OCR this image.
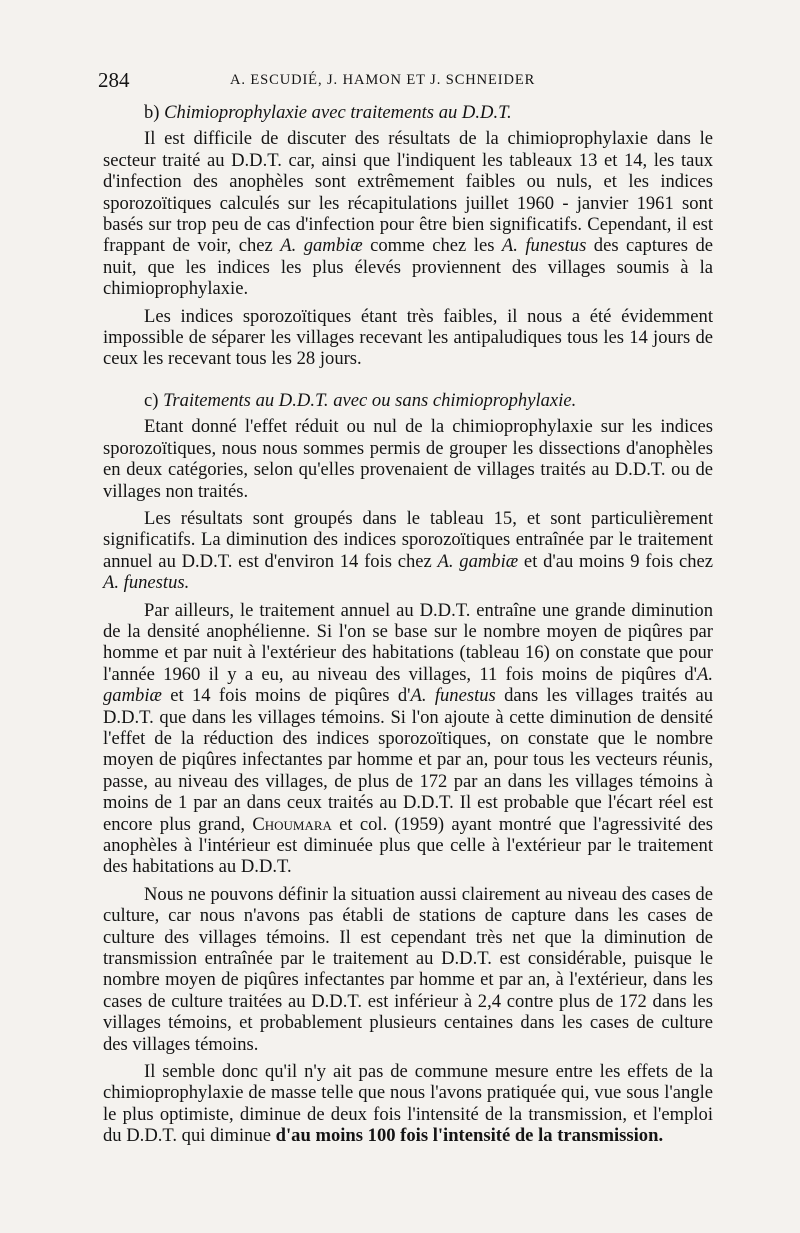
284	A. ESCUDIÉ, J. HAMON ET J. SCHNEIDER
b) Chimioprophylaxie avec traitements au D.D.T.

Il est difficile de discuter des résultats de la chimioprophylaxie dans le secteur traité au D.D.T. car, ainsi que l'indiquent les tableaux 13 et 14, les taux d'infection des anophèles sont extrêmement faibles ou nuls, et les indices sporozoïtiques calculés sur les récapitulations juillet 1960 - janvier 1961 sont basés sur trop peu de cas d'infection pour être bien significatifs. Cependant, il est frappant de voir, chez A. gambiæ comme chez les A. funestus des captures de nuit, que les indices les plus élevés proviennent des villages soumis à la chimioprophylaxie.

Les indices sporozoïtiques étant très faibles, il nous a été évidemment impossible de séparer les villages recevant les antipaludiques tous les 14 jours de ceux les recevant tous les 28 jours.

c) Traitements au D.D.T. avec ou sans chimioprophylaxie.

Etant donné l'effet réduit ou nul de la chimioprophylaxie sur les indices sporozoïtiques, nous nous sommes permis de grouper les dissections d'anophèles en deux catégories, selon qu'elles provenaient de villages traités au D.D.T. ou de villages non traités.

Les résultats sont groupés dans le tableau 15, et sont particulièrement significatifs. La diminution des indices sporozoïtiques entraînée par le traitement annuel au D.D.T. est d'environ 14 fois chez A. gambiæ et d'au moins 9 fois chez A. funestus.

Par ailleurs, le traitement annuel au D.D.T. entraîne une grande diminution de la densité anophélienne. Si l'on se base sur le nombre moyen de piqûres par homme et par nuit à l'extérieur des habitations (tableau 16) on constate que pour l'année 1960 il y a eu, au niveau des villages, 11 fois moins de piqûres d'A. gambiæ et 14 fois moins de piqûres d'A. funestus dans les villages traités au D.D.T. que dans les villages témoins. Si l'on ajoute à cette diminution de densité l'effet de la réduction des indices sporozoïtiques, on constate que le nombre moyen de piqûres infectantes par homme et par an, pour tous les vecteurs réunis, passe, au niveau des villages, de plus de 172 par an dans les villages témoins à moins de 1 par an dans ceux traités au D.D.T. Il est probable que l'écart réel est encore plus grand, Choumara et col. (1959) ayant montré que l'agressivité des anophèles à l'intérieur est diminuée plus que celle à l'extérieur par le traitement des habitations au D.D.T.

Nous ne pouvons définir la situation aussi clairement au niveau des cases de culture, car nous n'avons pas établi de stations de capture dans les cases de culture des villages témoins. Il est cependant très net que la diminution de transmission entraînée par le traitement au D.D.T. est considérable, puisque le nombre moyen de piqûres infectantes par homme et par an, à l'extérieur, dans les cases de culture traitées au D.D.T. est inférieur à 2,4 contre plus de 172 dans les villages témoins, et probablement plusieurs centaines dans les cases de culture des villages témoins.

Il semble donc qu'il n'y ait pas de commune mesure entre les effets de la chimioprophylaxie de masse telle que nous l'avons pratiquée qui, vue sous l'angle le plus optimiste, diminue de deux fois l'intensité de la transmission, et l'emploi du D.D.T. qui diminue d'au moins 100 fois l'intensité de la transmission.
